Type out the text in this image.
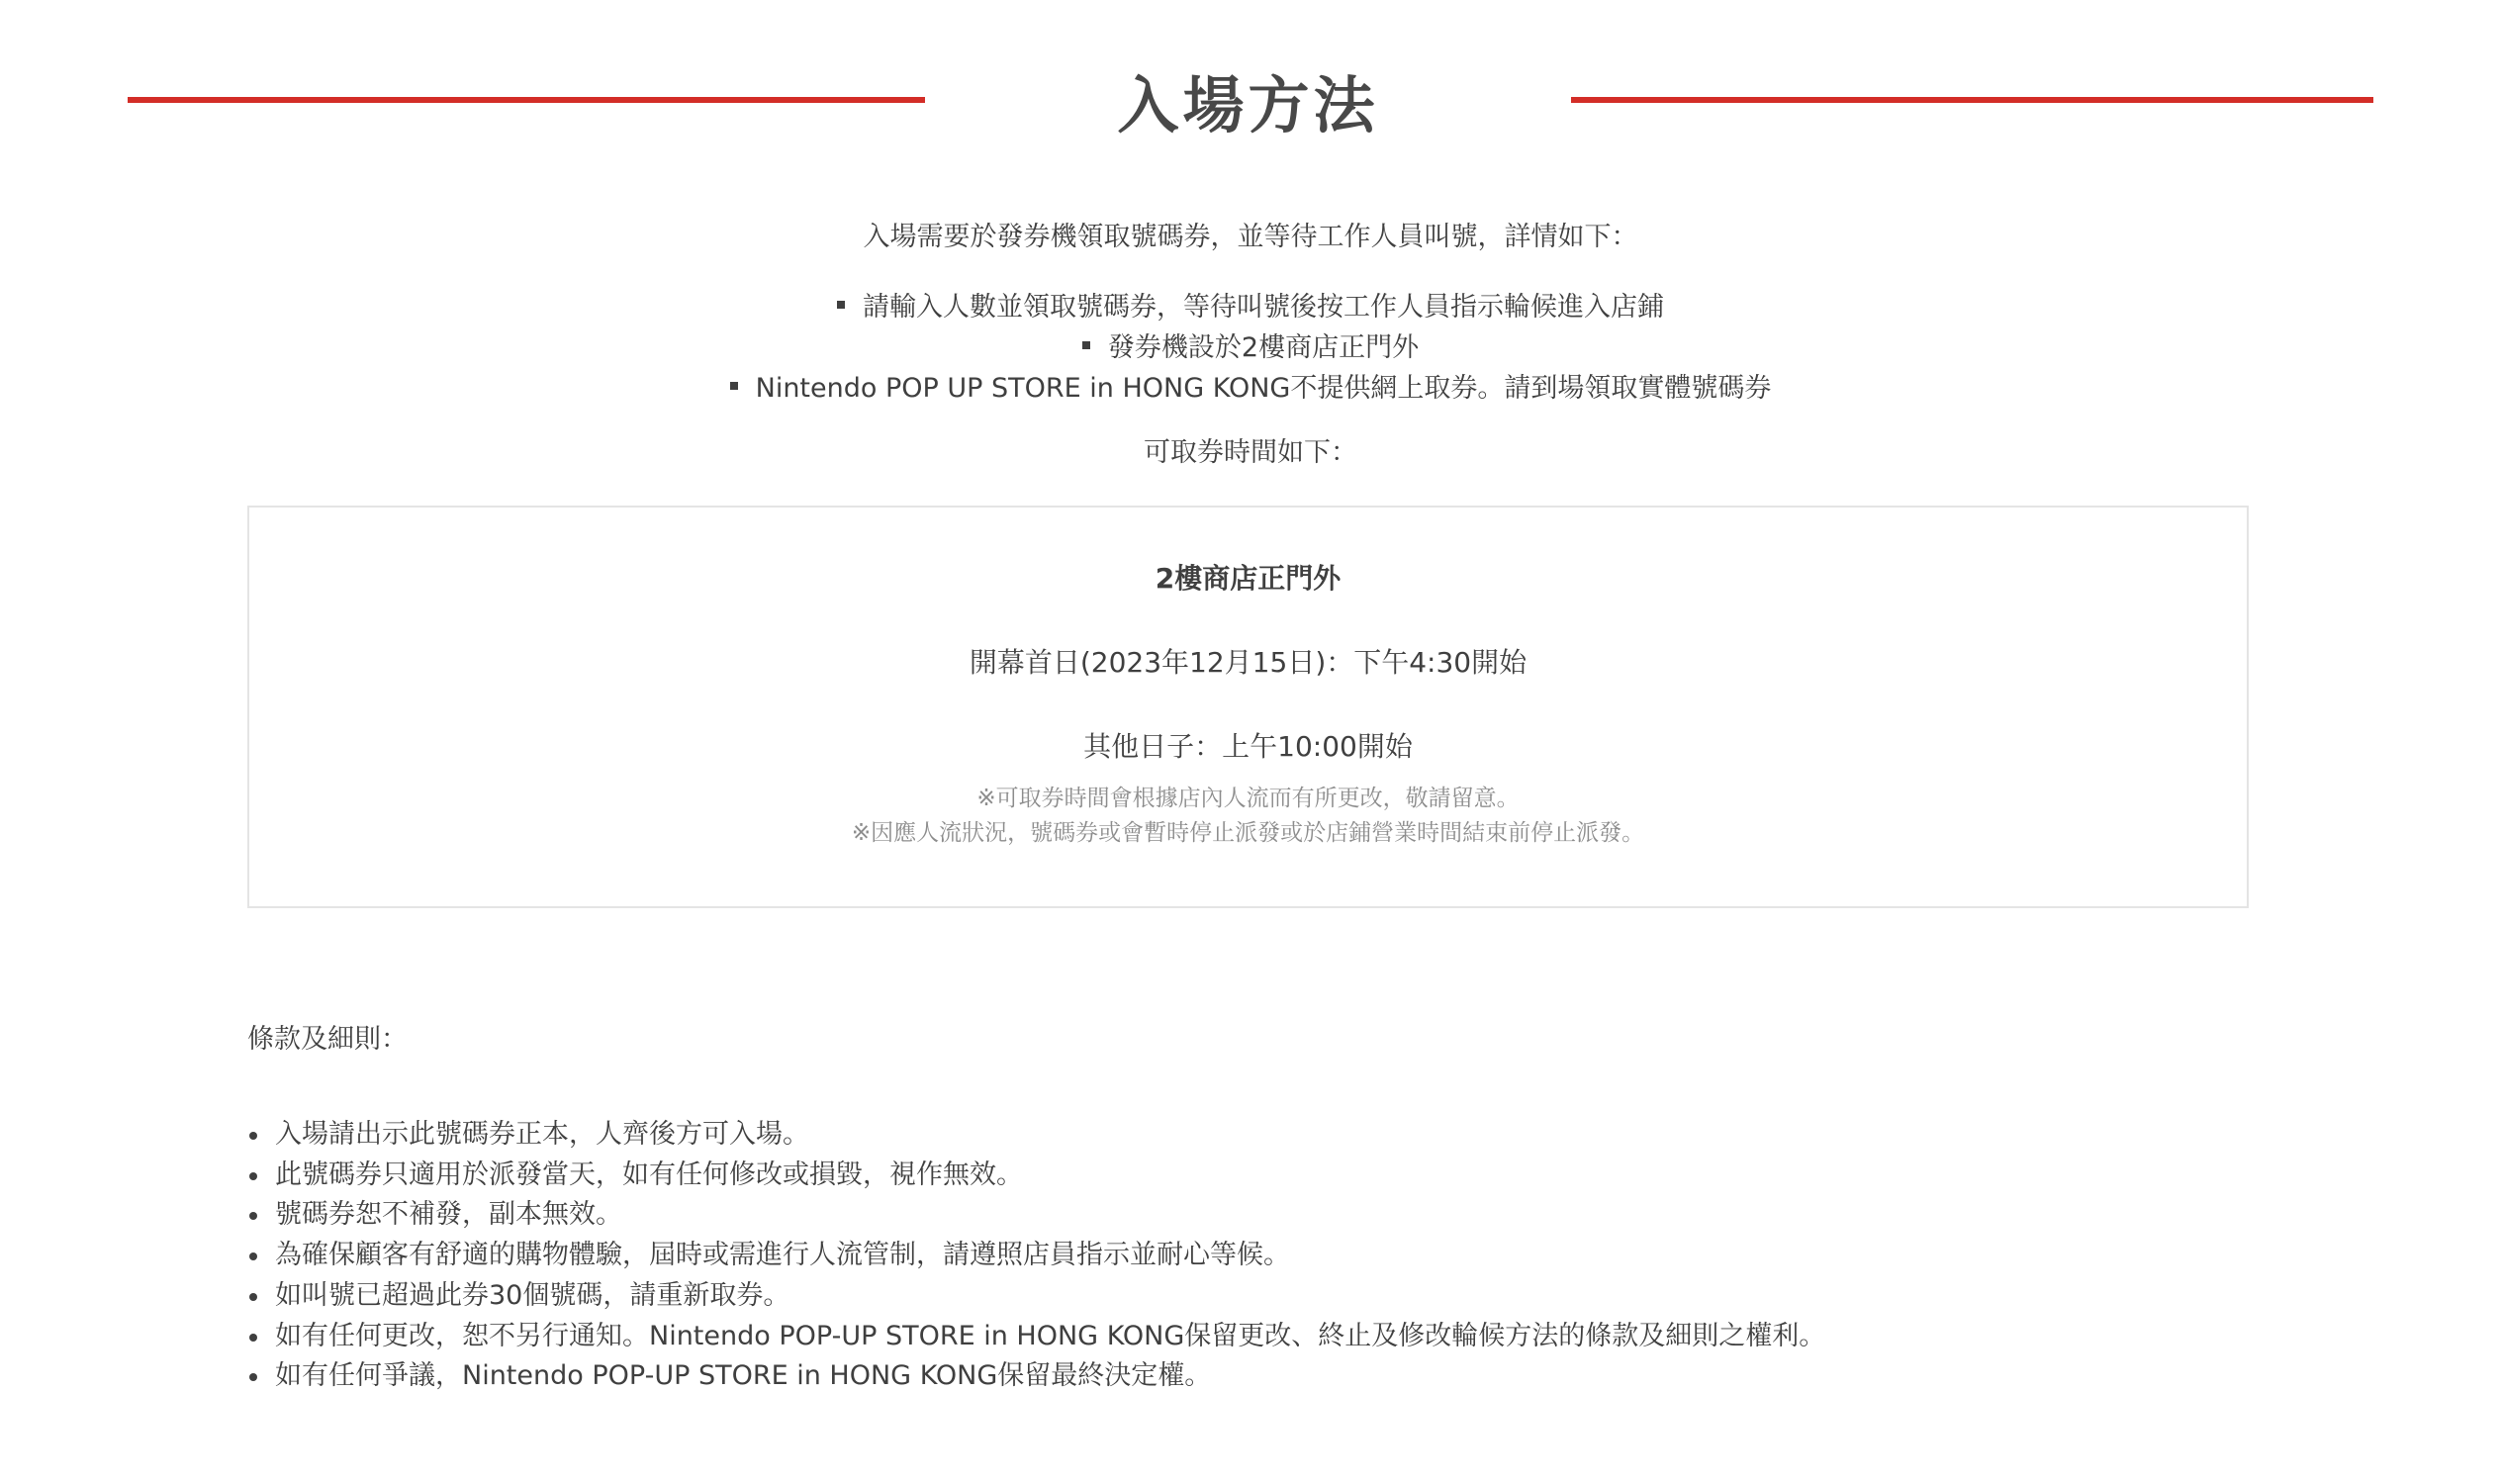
入場方法
入場需要於發券機領取號碼券，並等待工作人員叫號，詳情如下：
請輸入人數並領取號碼券，等待叫號後按工作人員指示輪候進入店鋪
發券機設於2樓商店正門外
Nintendo POP UP STORE in HONG KONG不提供網上取券。請到場領取實體號碼券
可取券時間如下：
2樓商店正門外
開幕首日(2023年12月15日)：下午4:30開始
其他日子：上午10:00開始
※可取券時間會根據店內人流而有所更改，敬請留意。
※因應人流狀況，號碼券或會暫時停止派發或於店鋪營業時間結束前停止派發。
條款及細則：
入場請出示此號碼券正本，人齊後方可入場。
此號碼券只適用於派發當天，如有任何修改或損毀，視作無效。
號碼券恕不補發，副本無效。
為確保顧客有舒適的購物體驗，屆時或需進行人流管制，請遵照店員指示並耐心等候。
如叫號已超過此券30個號碼，請重新取券。
如有任何更改，恕不另行通知。Nintendo POP-UP STORE in HONG KONG保留更改、終止及修改輪候方法的條款及細則之權利。
如有任何爭議，Nintendo POP-UP STORE in HONG KONG保留最終決定權。
